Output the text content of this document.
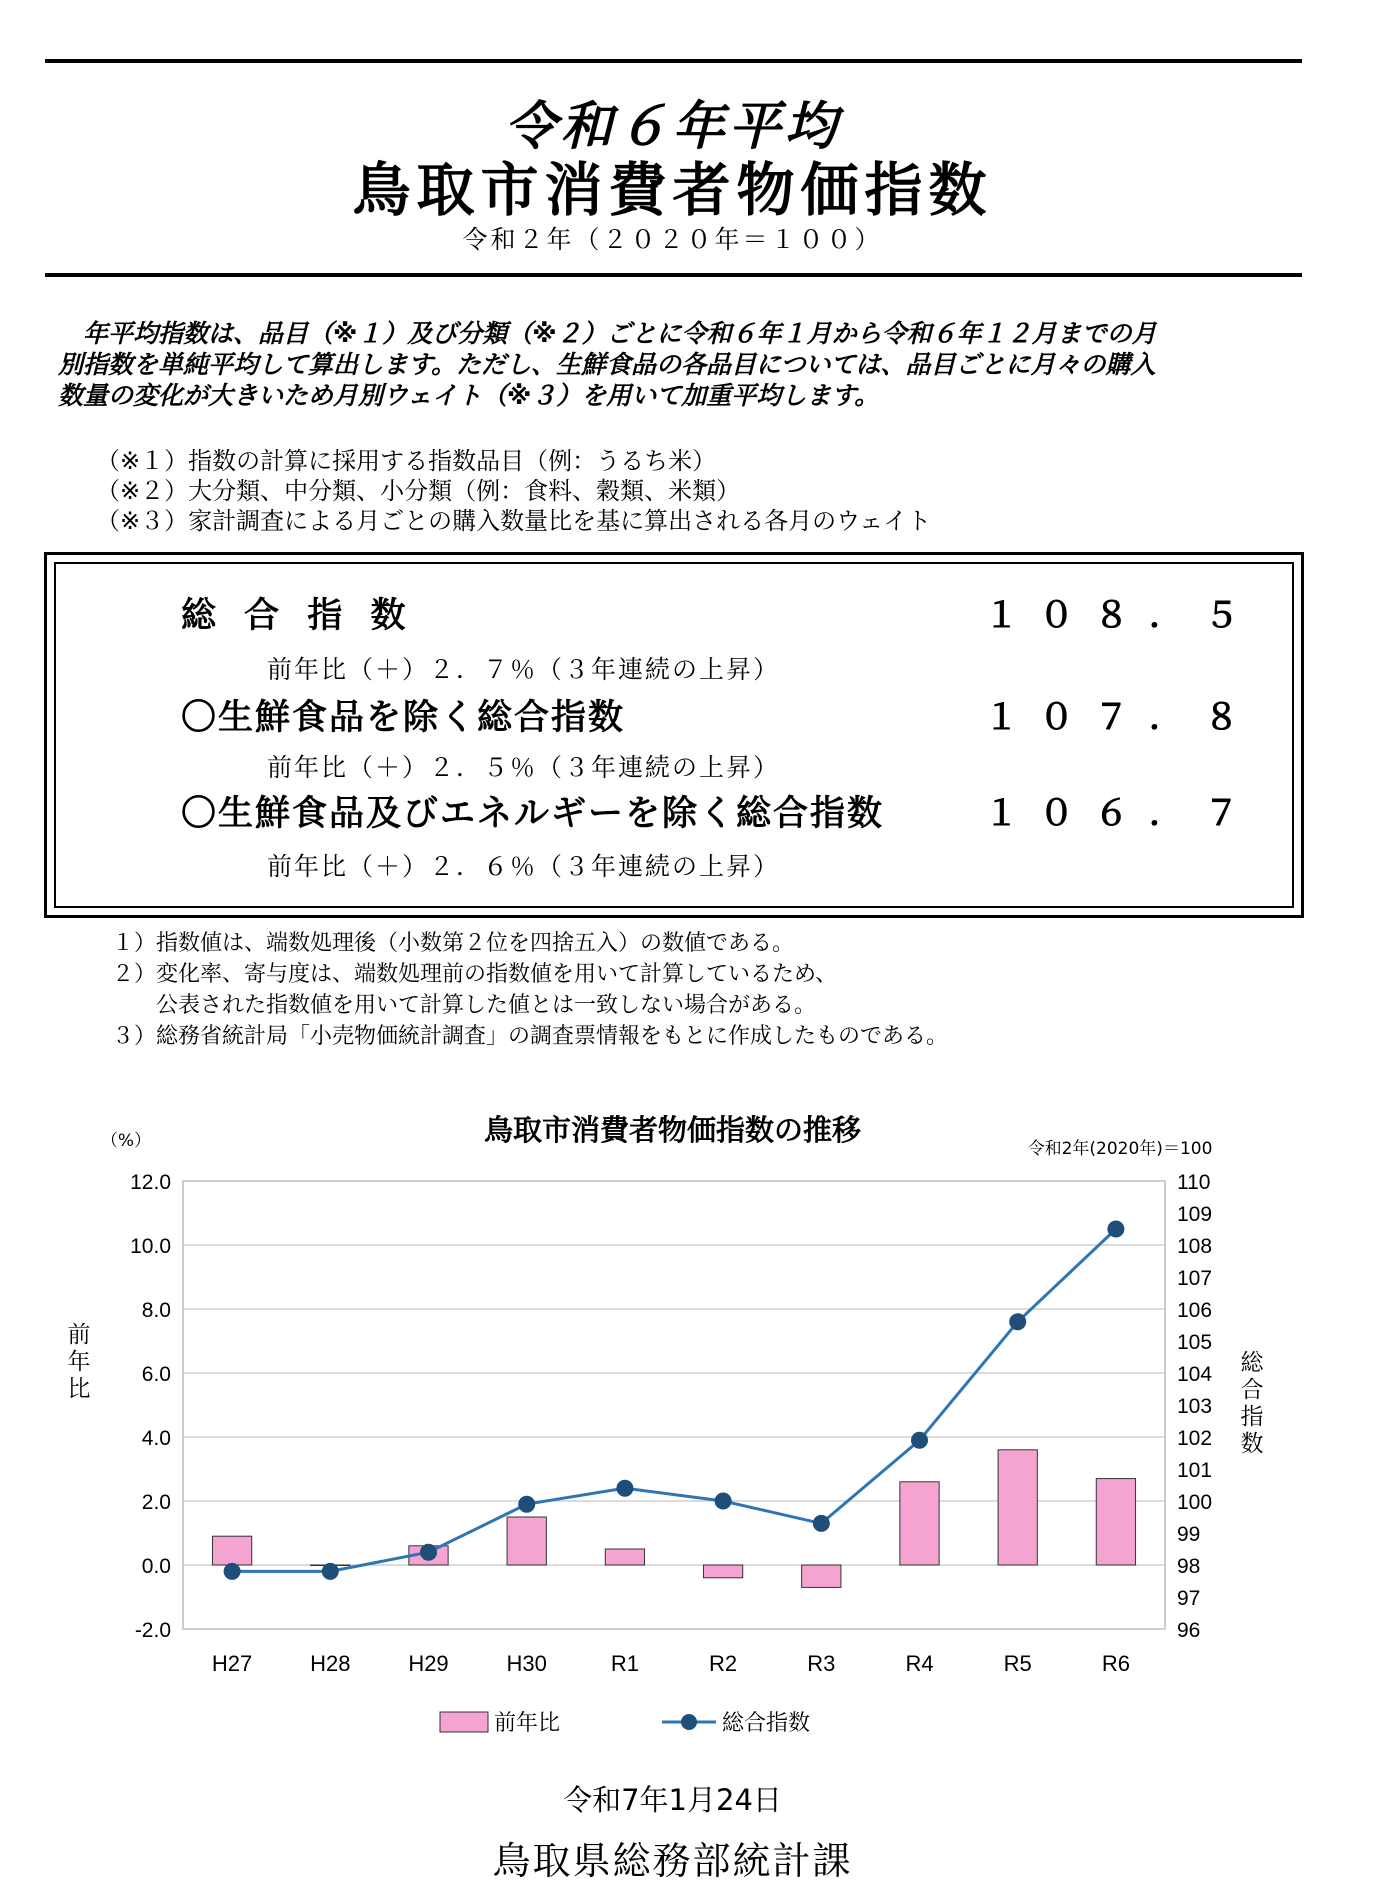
令和６年平均
鳥取市消費者物価指数
令和２年（２０２０年＝１００）
　年平均指数は、品目（※１）及び分類（※２）ごとに令和６年１月から令和６年１２月までの月
別指数を単純平均して算出します。ただし、生鮮食品の各品目については、品目ごとに月々の購入
数量の変化が大きいため月別ウェイト（※３）を用いて加重平均します。
（※１）指数の計算に採用する指数品目（例：うるち米）
（※２）大分類、中分類、小分類（例：食料、穀類、米類）
（※３）家計調査による月ごとの購入数量比を基に算出される各月のウェイト
総 合 指 数	１０８．５
前年比（＋）２．７％（３年連続の上昇）
〇生鮮食品を除く総合指数	１０７．８
前年比（＋）２．５％（３年連続の上昇）
〇生鮮食品及びエネルギーを除く総合指数	１０６．７
前年比（＋）２．６％（３年連続の上昇）
１）指数値は、端数処理後（小数第２位を四捨五入）の数値である。
２）変化率、寄与度は、端数処理前の指数値を用いて計算しているため、
　　公表された指数値を用いて計算した値とは一致しない場合がある。
３）総務省統計局「小売物価統計調査」の調査票情報をもとに作成したものである。
鳥取市消費者物価指数の推移
12.0
10.0
8.0
6.0
4.0
2.0
0.0
-2.0
110
109
108
107
106
105
104
103
102
101
100
99
98
97
96
H27	H28	H29	H30	R1	R2	R3	R4	R5	R6
（%）	令和2年(2020年)＝100
前
年
比
総
合
指
数
前年比	総合指数
令和7年1月24日
鳥取県総務部統計課
